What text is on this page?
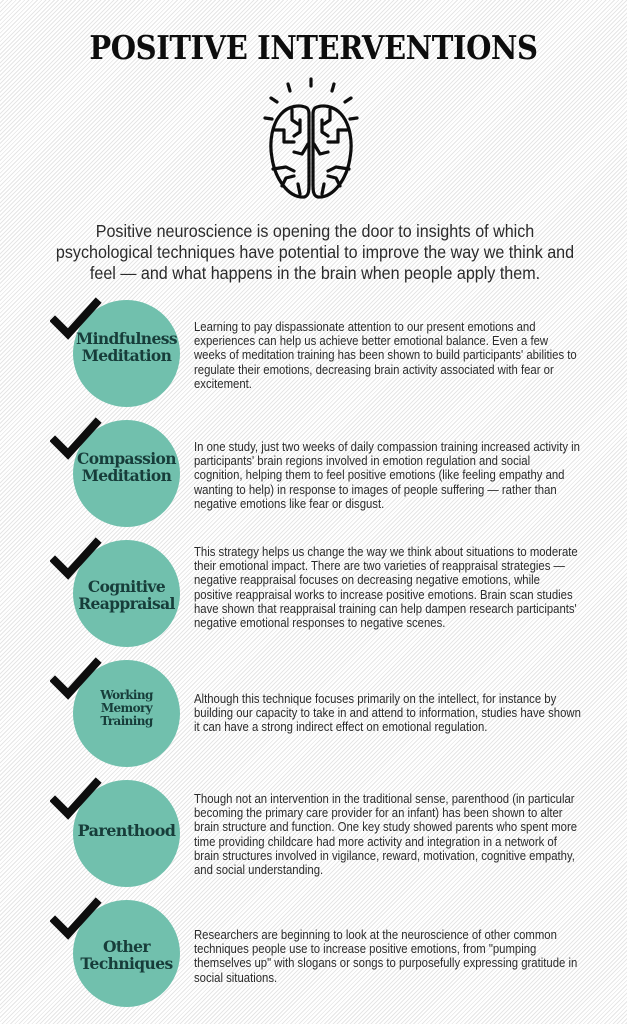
POSITIVE INTERVENTIONS
Positive neuroscience is opening the door to insights of which psychological techniques have potential to improve the way we think and feel — and what happens in the brain when people apply them.
Mindfulness
Meditation
Learning to pay dispassionate attention to our present emotions and experiences can help us achieve better emotional balance. Even a few weeks of meditation training has been shown to build participants' abilities to regulate their emotions, decreasing brain activity associated with fear or excitement.
Compassion
Meditation
In one study, just two weeks of daily compassion training increased activity in participants' brain regions involved in emotion regulation and social cognition, helping them to feel positive emotions (like feeling empathy and wanting to help) in response to images of people suffering — rather than negative emotions like fear or disgust.
Cognitive
Reappraisal
This strategy helps us change the way we think about situations to moderate their emotional impact. There are two varieties of reappraisal strategies — negative reappraisal focuses on decreasing negative emotions, while positive reappraisal works to increase positive emotions. Brain scan studies have shown that reappraisal training can help dampen research participants' negative emotional responses to negative scenes.
Working Memory
Training
Although this technique focuses primarily on the intellect, for instance by building our capacity to take in and attend to information, studies have shown it can have a strong indirect effect on emotional regulation.
Parenthood
Though not an intervention in the traditional sense, parenthood (in particular becoming the primary care provider for an infant) has been shown to alter brain structure and function. One key study showed parents who spent more time providing childcare had more activity and integration in a network of brain structures involved in vigilance, reward, motivation, cognitive empathy, and social understanding.
Other
Techniques
Researchers are beginning to look at the neuroscience of other common techniques people use to increase positive emotions, from "pumping themselves up" with slogans or songs to purposefully expressing gratitude in social situations.
